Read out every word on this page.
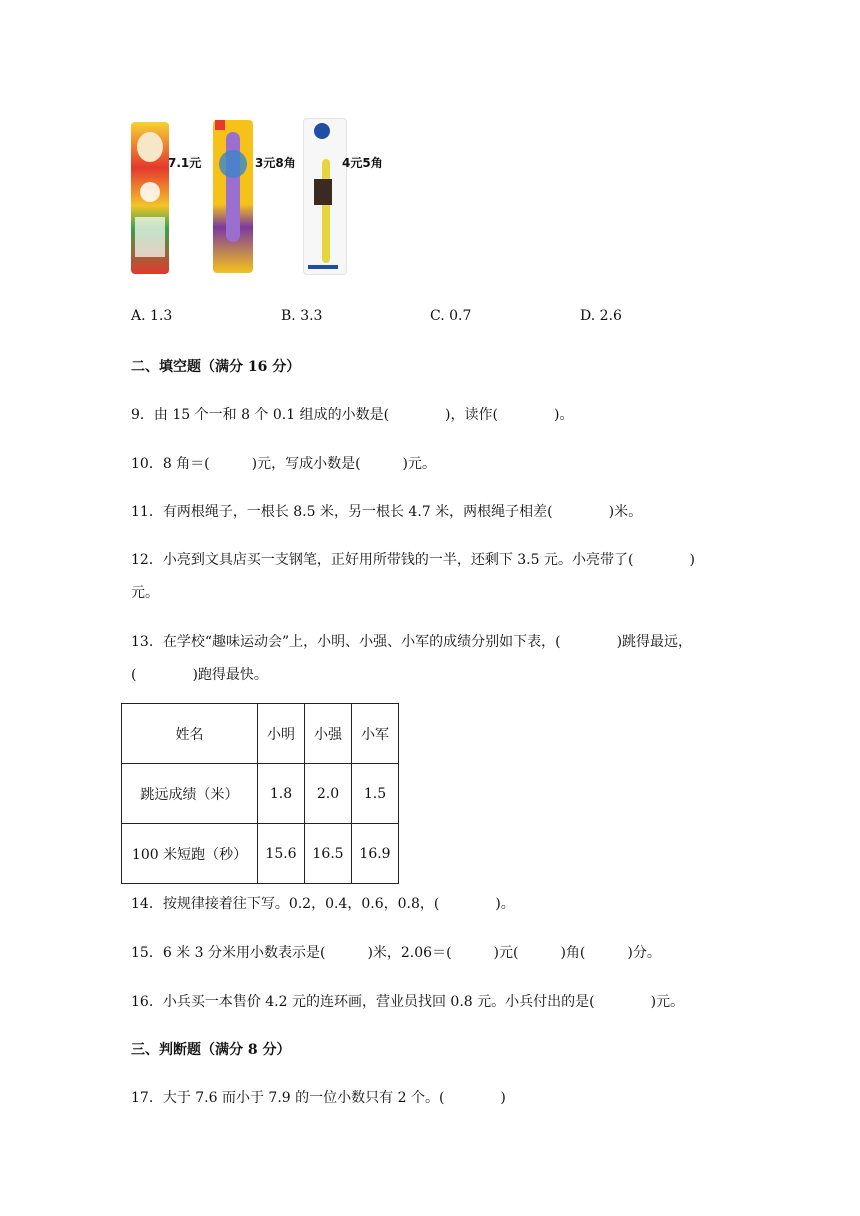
7.1元	3元8角	4元5角
A. 1.3	B. 3.3	C. 0.7	D. 2.6
二、填空题（满分 16 分）
9．由 15 个一和 8 个 0.1 组成的小数是(　　　　)，读作(　　　　)。
10．8 角＝(　　　)元，写成小数是(　　　)元。
11．有两根绳子，一根长 8.5 米，另一根长 4.7 米，两根绳子相差(　　　　)米。
12．小亮到文具店买一支钢笔，正好用所带钱的一半，还剩下 3.5 元。小亮带了(　　　　)
元。
13．在学校“趣味运动会”上，小明、小强、小军的成绩分别如下表，(　　　　)跳得最远，
(　　　　)跑得最快。
姓名	小明	小强	小军
跳远成绩（米）	1.8	2.0	1.5
100 米短跑（秒）	15.6	16.5	16.9
14．按规律接着往下写。0.2，0.4，0.6，0.8，(　　　　)。
15．6 米 3 分米用小数表示是(　　　)米，2.06＝(　　　)元(　　　)角(　　　)分。
16．小兵买一本售价 4.2 元的连环画，营业员找回 0.8 元。小兵付出的是(　　　　)元。
三、判断题（满分 8 分）
17．大于 7.6 而小于 7.9 的一位小数只有 2 个。(　　　　)
